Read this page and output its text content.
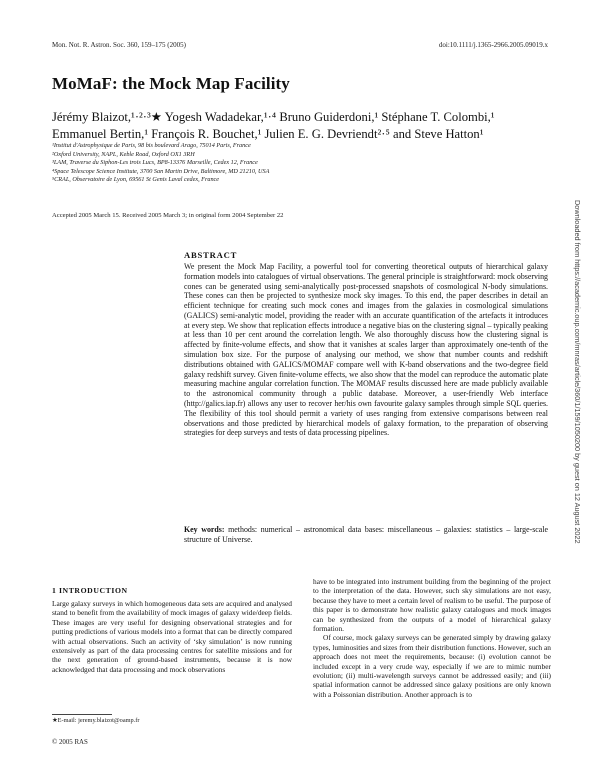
Mon. Not. R. Astron. Soc. 360, 159–175 (2005)	doi:10.1111/j.1365-2966.2005.09019.x
MoMaF: the Mock Map Facility
Jérémy Blaizot,¹·²·³★ Yogesh Wadadekar,¹·⁴ Bruno Guiderdoni,¹ Stéphane T. Colombi,¹ Emmanuel Bertin,¹ François R. Bouchet,¹ Julien E. G. Devriendt²·⁵ and Steve Hatton¹
¹Institut d'Astrophysique de Paris, 98 bis boulevard Arago, 75014 Paris, France
²Oxford University, NAPL, Keble Road, Oxford OX1 3RH
³LAM, Traverse du Siphon-Les trois Lucs, BP8-13376 Marseille, Cedex 12, France
⁴Space Telescope Science Institute, 3700 San Martin Drive, Baltimore, MD 21210, USA
⁵CRAL, Observatoire de Lyon, 69561 St Genis Laval cedex, France
Accepted 2005 March 15. Received 2005 March 3; in original form 2004 September 22
ABSTRACT
We present the Mock Map Facility, a powerful tool for converting theoretical outputs of hierarchical galaxy formation models into catalogues of virtual observations. The general principle is straightforward: mock observing cones can be generated using semi-analytically post-processed snapshots of cosmological N-body simulations. These cones can then be projected to synthesize mock sky images. To this end, the paper describes in detail an efficient technique for creating such mock cones and images from the galaxies in cosmological simulations (GALICS) semi-analytic model, providing the reader with an accurate quantification of the artefacts it introduces at every step. We show that replication effects introduce a negative bias on the clustering signal – typically peaking at less than 10 per cent around the correlation length. We also thoroughly discuss how the clustering signal is affected by finite-volume effects, and show that it vanishes at scales larger than approximately one-tenth of the simulation box size. For the purpose of analysing our method, we show that number counts and redshift distributions obtained with GALICS/MOMAF compare well with K-band observations and the two-degree field galaxy redshift survey. Given finite-volume effects, we also show that the model can reproduce the automatic plate measuring machine angular correlation function. The MOMAF results discussed here are made publicly available to the astronomical community through a public database. Moreover, a user-friendly Web interface (http://galics.iap.fr) allows any user to recover her/his own favourite galaxy samples through simple SQL queries. The flexibility of this tool should permit a variety of uses ranging from extensive comparisons between real observations and those predicted by hierarchical models of galaxy formation, to the preparation of observing strategies for deep surveys and tests of data processing pipelines.
Key words: methods: numerical – astronomical data bases: miscellaneous – galaxies: statistics – large-scale structure of Universe.	Downloaded from https://academic.oup.com/mnras/article/360/1/159/1050200 by guest on 12 August 2022
1 INTRODUCTION

Large galaxy surveys in which homogeneous data sets are acquired and analysed stand to benefit from the availability of mock images of galaxy wide/deep fields. These images are very useful for designing observational strategies and for putting predictions of various models into a format that can be directly compared with actual observations. Such an activity of ‘sky simulation’ is now running extensively as part of the data processing centres for satellite missions and for the next generation of ground-based instruments, because it is now acknowledged that data processing and mock observations

have to be integrated into instrument building from the beginning of the project to the interpretation of the data. However, such sky simulations are not easy, because they have to meet a certain level of realism to be useful. The purpose of this paper is to demonstrate how realistic galaxy catalogues and mock images can be synthesized from the outputs of a model of hierarchical galaxy formation.

Of course, mock galaxy surveys can be generated simply by drawing galaxy types, luminosities and sizes from their distribution functions. However, such an approach does not meet the requirements, because: (i) evolution cannot be included except in a very crude way, especially if we are to mimic number evolution; (ii) multi-wavelength surveys cannot be addressed easily; and (iii) spatial information cannot be addressed since galaxy positions are only known with a Poissonian distribution. Another approach is to

★E-mail: jeremy.blaizot@oamp.fr
© 2005 RAS
